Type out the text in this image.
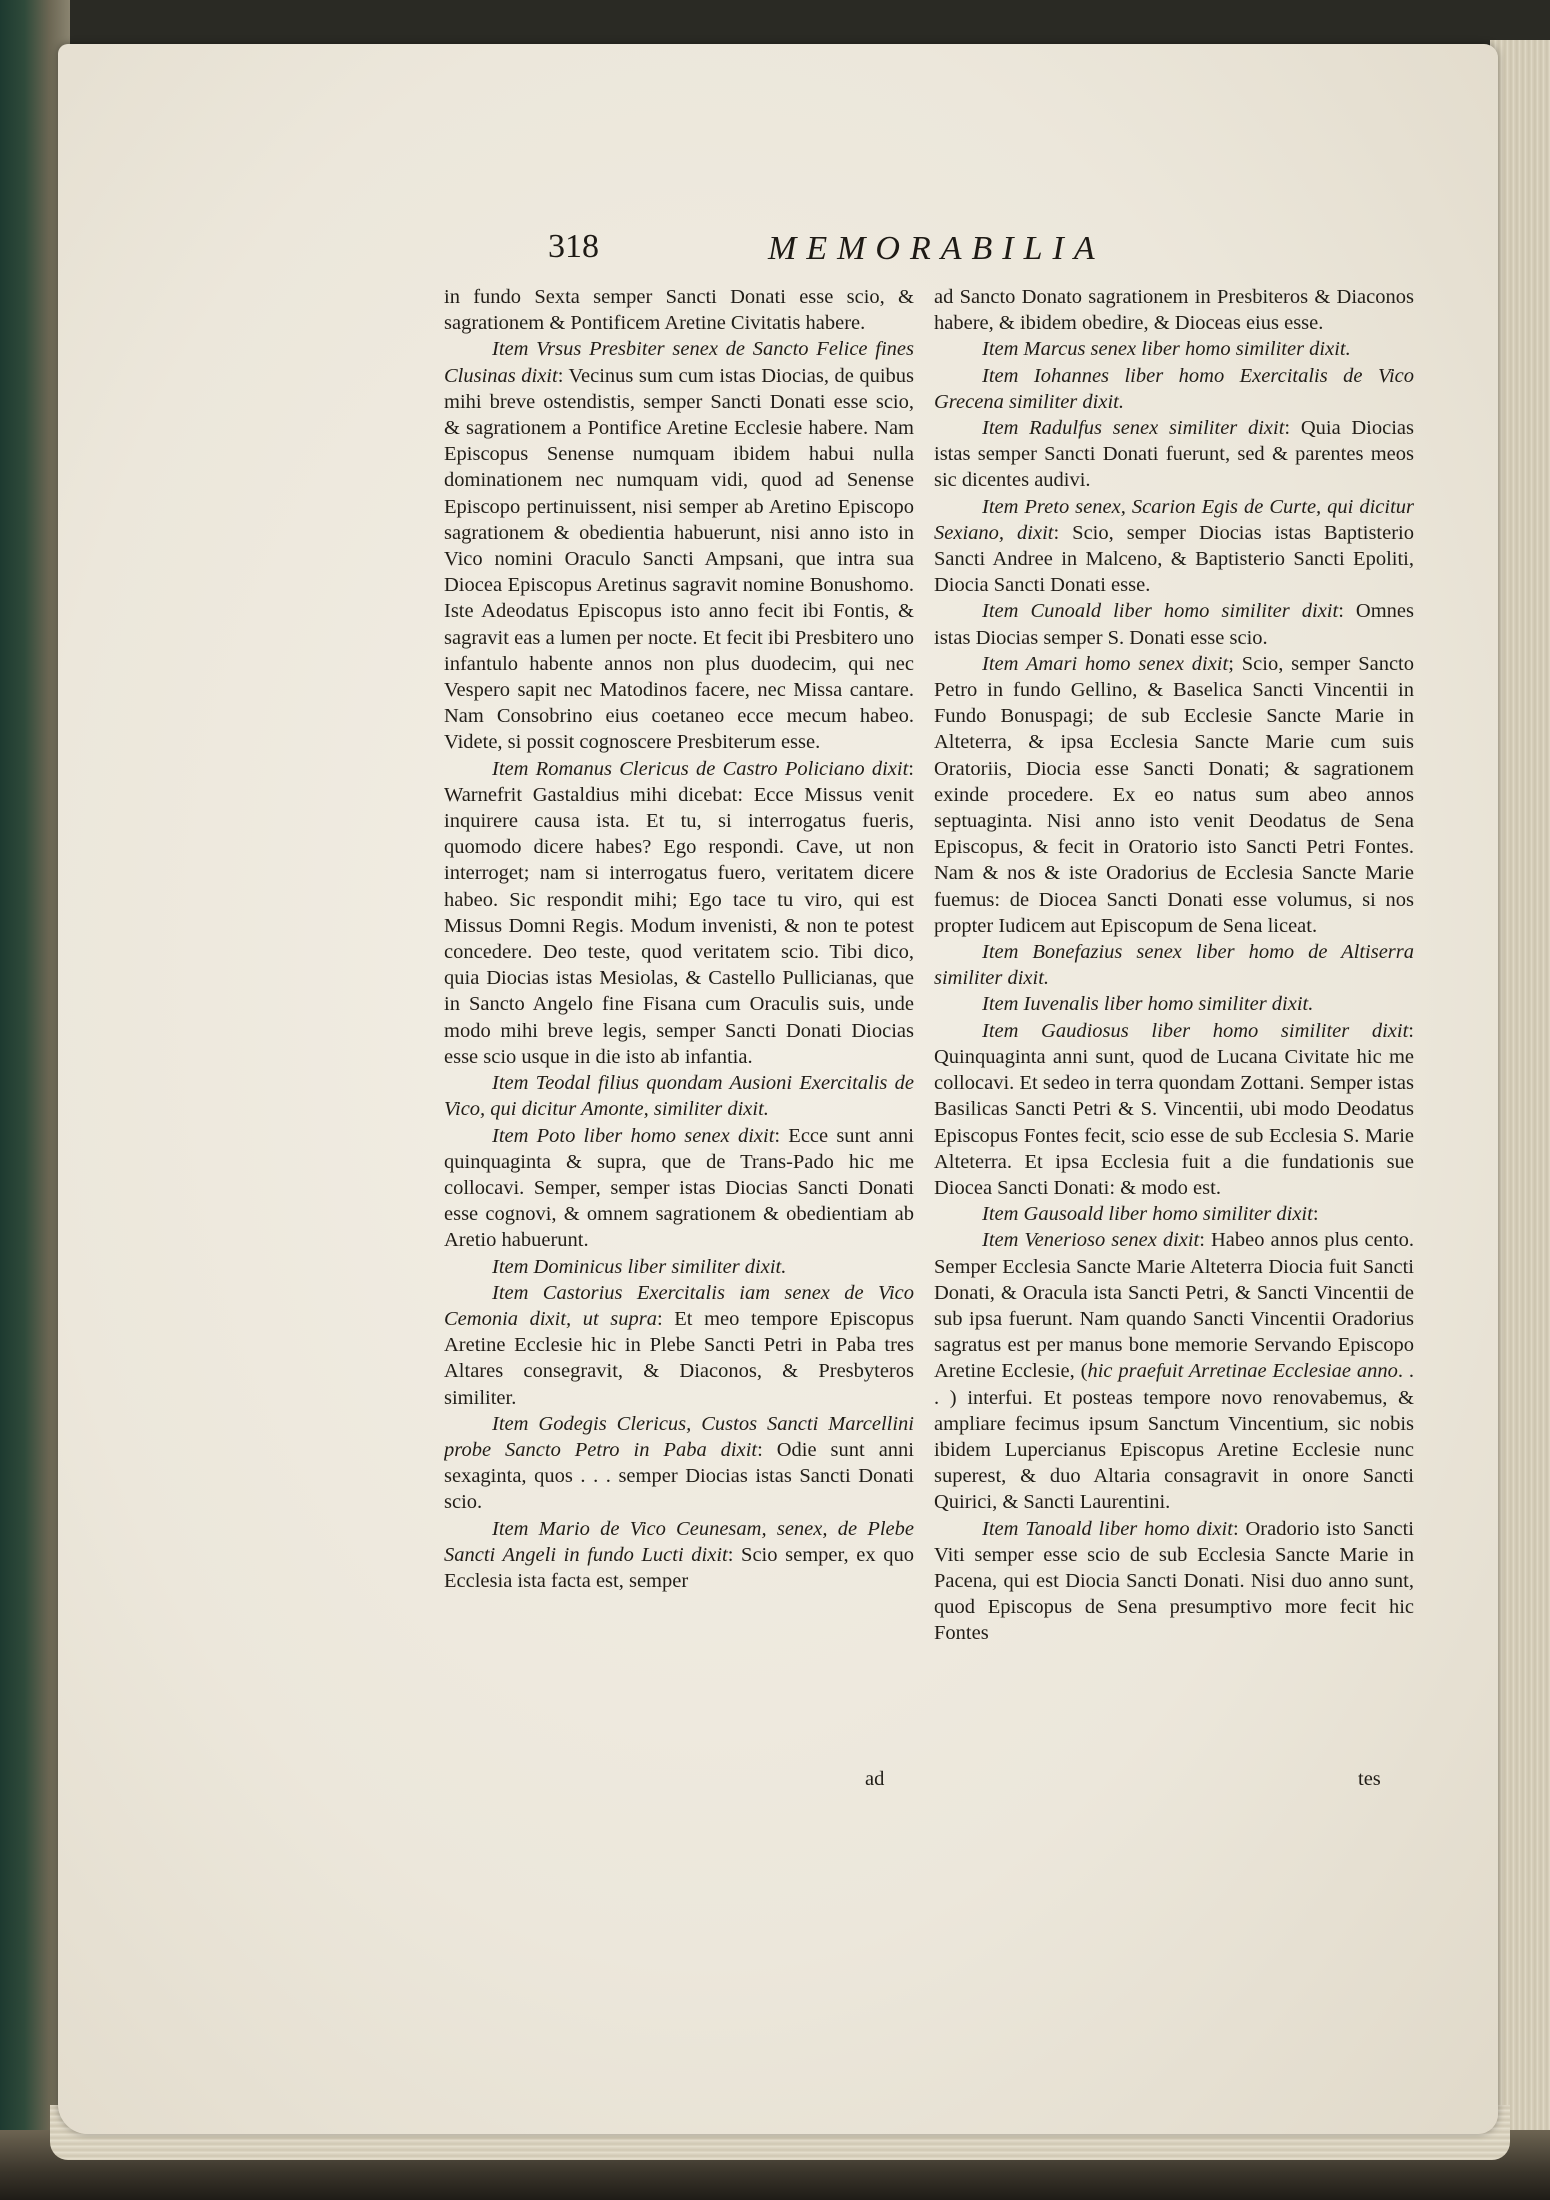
318	MEMORABILIA

in fundo Sexta semper Sancti Donati esse scio, & sagrationem & Pontificem Aretine Civitatis habere.

Item Vrsus Presbiter senex de Sancto Felice fines Clusinas dixit: Vecinus sum cum istas Diocias, de quibus mihi breve ostendistis, semper Sancti Donati esse scio, & sagrationem a Pontifice Aretine Ecclesie habere. Nam Episcopus Senense numquam ibidem habui nulla dominationem nec numquam vidi, quod ad Senense Episcopo pertinuissent, nisi semper ab Aretino Episcopo sagrationem & obedientia habuerunt, nisi anno isto in Vico nomini Oraculo Sancti Ampsani, que intra sua Diocea Episcopus Aretinus sagravit nomine Bonushomo. Iste Adeodatus Episcopus isto anno fecit ibi Fontis, & sagravit eas a lumen per nocte. Et fecit ibi Presbitero uno infantulo habente annos non plus duodecim, qui nec Vespero sapit nec Matodinos facere, nec Missa cantare. Nam Consobrino eius coetaneo ecce mecum habeo. Videte, si possit cognoscere Presbiterum esse.

Item Romanus Clericus de Castro Policiano dixit: Warnefrit Gastaldius mihi dicebat: Ecce Missus venit inquirere causa ista. Et tu, si interrogatus fueris, quomodo dicere habes? Ego respondi. Cave, ut non interroget; nam si interrogatus fuero, veritatem dicere habeo. Sic respondit mihi; Ego tace tu viro, qui est Missus Domni Regis. Modum invenisti, & non te potest concedere. Deo teste, quod veritatem scio. Tibi dico, quia Diocias istas Mesiolas, & Castello Pullicianas, que in Sancto Angelo fine Fisana cum Oraculis suis, unde modo mihi breve legis, semper Sancti Donati Diocias esse scio usque in die isto ab infantia.

Item Teodal filius quondam Ausioni Exercitalis de Vico, qui dicitur Amonte, similiter dixit.

Item Poto liber homo senex dixit: Ecce sunt anni quinquaginta & supra, que de Trans-Pado hic me collocavi. Semper, semper istas Diocias Sancti Donati esse cognovi, & omnem sagrationem & obedientiam ab Aretio habuerunt.

Item Dominicus liber similiter dixit.

Item Castorius Exercitalis iam senex de Vico Cemonia dixit, ut supra: Et meo tempore Episcopus Aretine Ecclesie hic in Plebe Sancti Petri in Paba tres Altares consegravit, & Diaconos, & Presbyteros similiter.

Item Godegis Clericus, Custos Sancti Marcellini probe Sancto Petro in Paba dixit: Odie sunt anni sexaginta, quos . . . semper Diocias istas Sancti Donati scio.

Item Mario de Vico Ceunesam, senex, de Plebe Sancti Angeli in fundo Lucti dixit: Scio semper, ex quo Ecclesia ista facta est, semper

ad

ad Sancto Donato sagrationem in Presbiteros & Diaconos habere, & ibidem obedire, & Dioceas eius esse.

Item Marcus senex liber homo similiter dixit.

Item Iohannes liber homo Exercitalis de Vico Grecena similiter dixit.

Item Radulfus senex similiter dixit: Quia Diocias istas semper Sancti Donati fuerunt, sed & parentes meos sic dicentes audivi.

Item Preto senex, Scarion Egis de Curte, qui dicitur Sexiano, dixit: Scio, semper Diocias istas Baptisterio Sancti Andree in Malceno, & Baptisterio Sancti Epoliti, Diocia Sancti Donati esse.

Item Cunoald liber homo similiter dixit: Omnes istas Diocias semper S. Donati esse scio.

Item Amari homo senex dixit; Scio, semper Sancto Petro in fundo Gellino, & Baselica Sancti Vincentii in Fundo Bonuspagi; de sub Ecclesie Sancte Marie in Alteterra, & ipsa Ecclesia Sancte Marie cum suis Oratoriis, Diocia esse Sancti Donati; & sagrationem exinde procedere. Ex eo natus sum abeo annos septuaginta. Nisi anno isto venit Deodatus de Sena Episcopus, & fecit in Oratorio isto Sancti Petri Fontes. Nam & nos & iste Oradorius de Ecclesia Sancte Marie fuemus: de Diocea Sancti Donati esse volumus, si nos propter Iudicem aut Episcopum de Sena liceat.

Item Bonefazius senex liber homo de Altiserra similiter dixit.

Item Iuvenalis liber homo similiter dixit.

Item Gaudiosus liber homo similiter dixit: Quinquaginta anni sunt, quod de Lucana Civitate hic me collocavi. Et sedeo in terra quondam Zottani. Semper istas Basilicas Sancti Petri & S. Vincentii, ubi modo Deodatus Episcopus Fontes fecit, scio esse de sub Ecclesia S. Marie Alteterra. Et ipsa Ecclesia fuit a die fundationis sue Diocea Sancti Donati: & modo est.

Item Gausoald liber homo similiter dixit:

Item Venerioso senex dixit: Habeo annos plus cento. Semper Ecclesia Sancte Marie Alteterra Diocia fuit Sancti Donati, & Oracula ista Sancti Petri, & Sancti Vincentii de sub ipsa fuerunt. Nam quando Sancti Vincentii Oradorius sagratus est per manus bone memorie Servando Episcopo Aretine Ecclesie, (hic praefuit Arretinae Ecclesiae anno. . . ) interfui. Et posteas tempore novo renovabemus, & ampliare fecimus ipsum Sanctum Vincentium, sic nobis ibidem Lupercianus Episcopus Aretine Ecclesie nunc superest, & duo Altaria consagravit in onore Sancti Quirici, & Sancti Laurentini.

Item Tanoald liber homo dixit: Oradorio isto Sancti Viti semper esse scio de sub Ecclesia Sancte Marie in Pacena, qui est Diocia Sancti Donati. Nisi duo anno sunt, quod Episcopus de Sena presumptivo more fecit hic Fontes

tes
